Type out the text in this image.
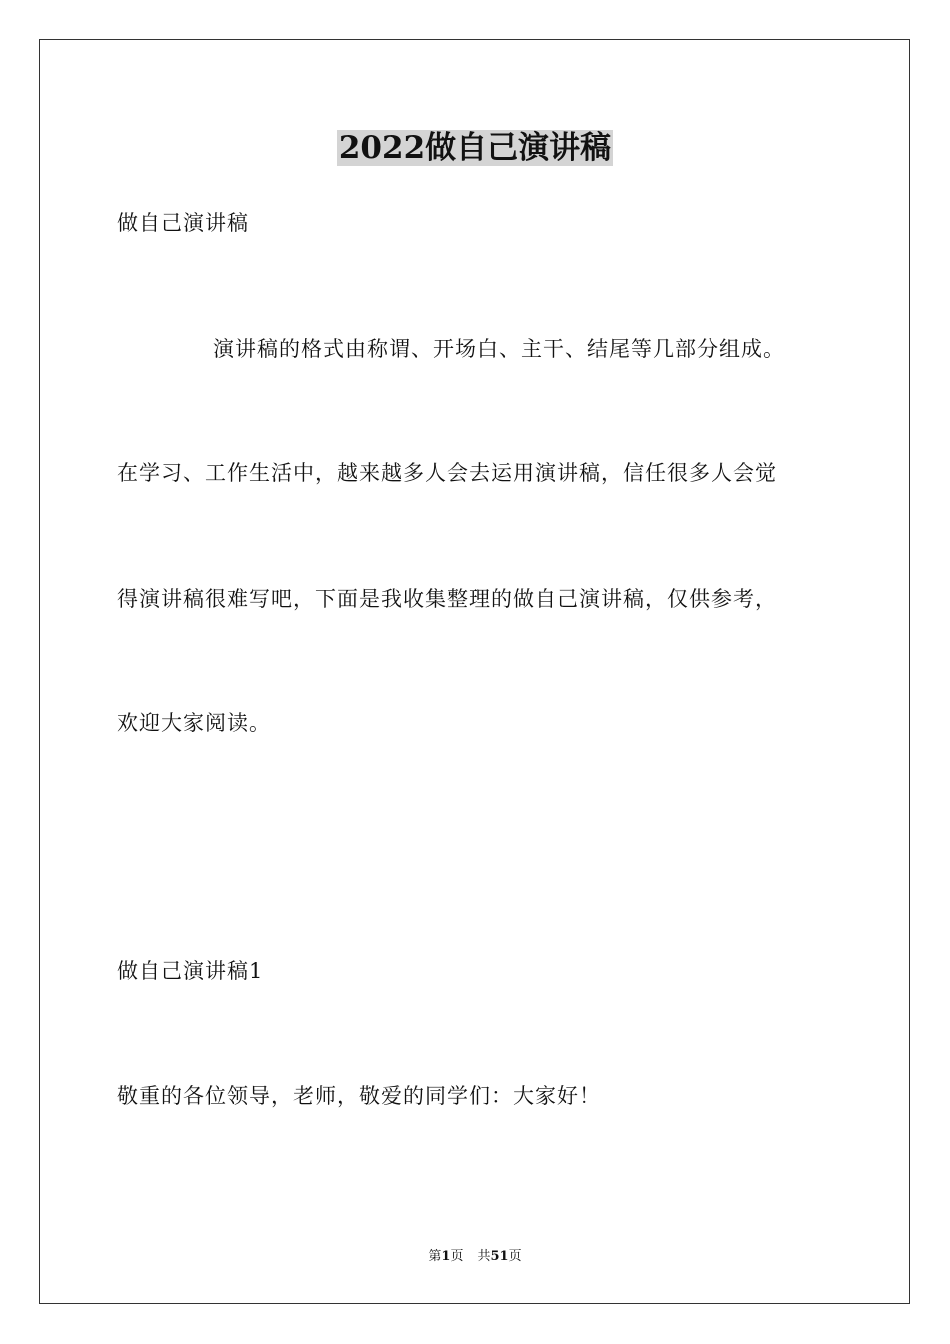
2022做自己演讲稿
做自己演讲稿
演讲稿的格式由称谓、开场白、主干、结尾等几部分组成。
在学习、工作生活中，越来越多人会去运用演讲稿，信任很多人会觉
得演讲稿很难写吧，下面是我收集整理的做自己演讲稿，仅供参考，
欢迎大家阅读。
做自己演讲稿1
敬重的各位领导，老师，敬爱的同学们：大家好！
第1页 共51页
